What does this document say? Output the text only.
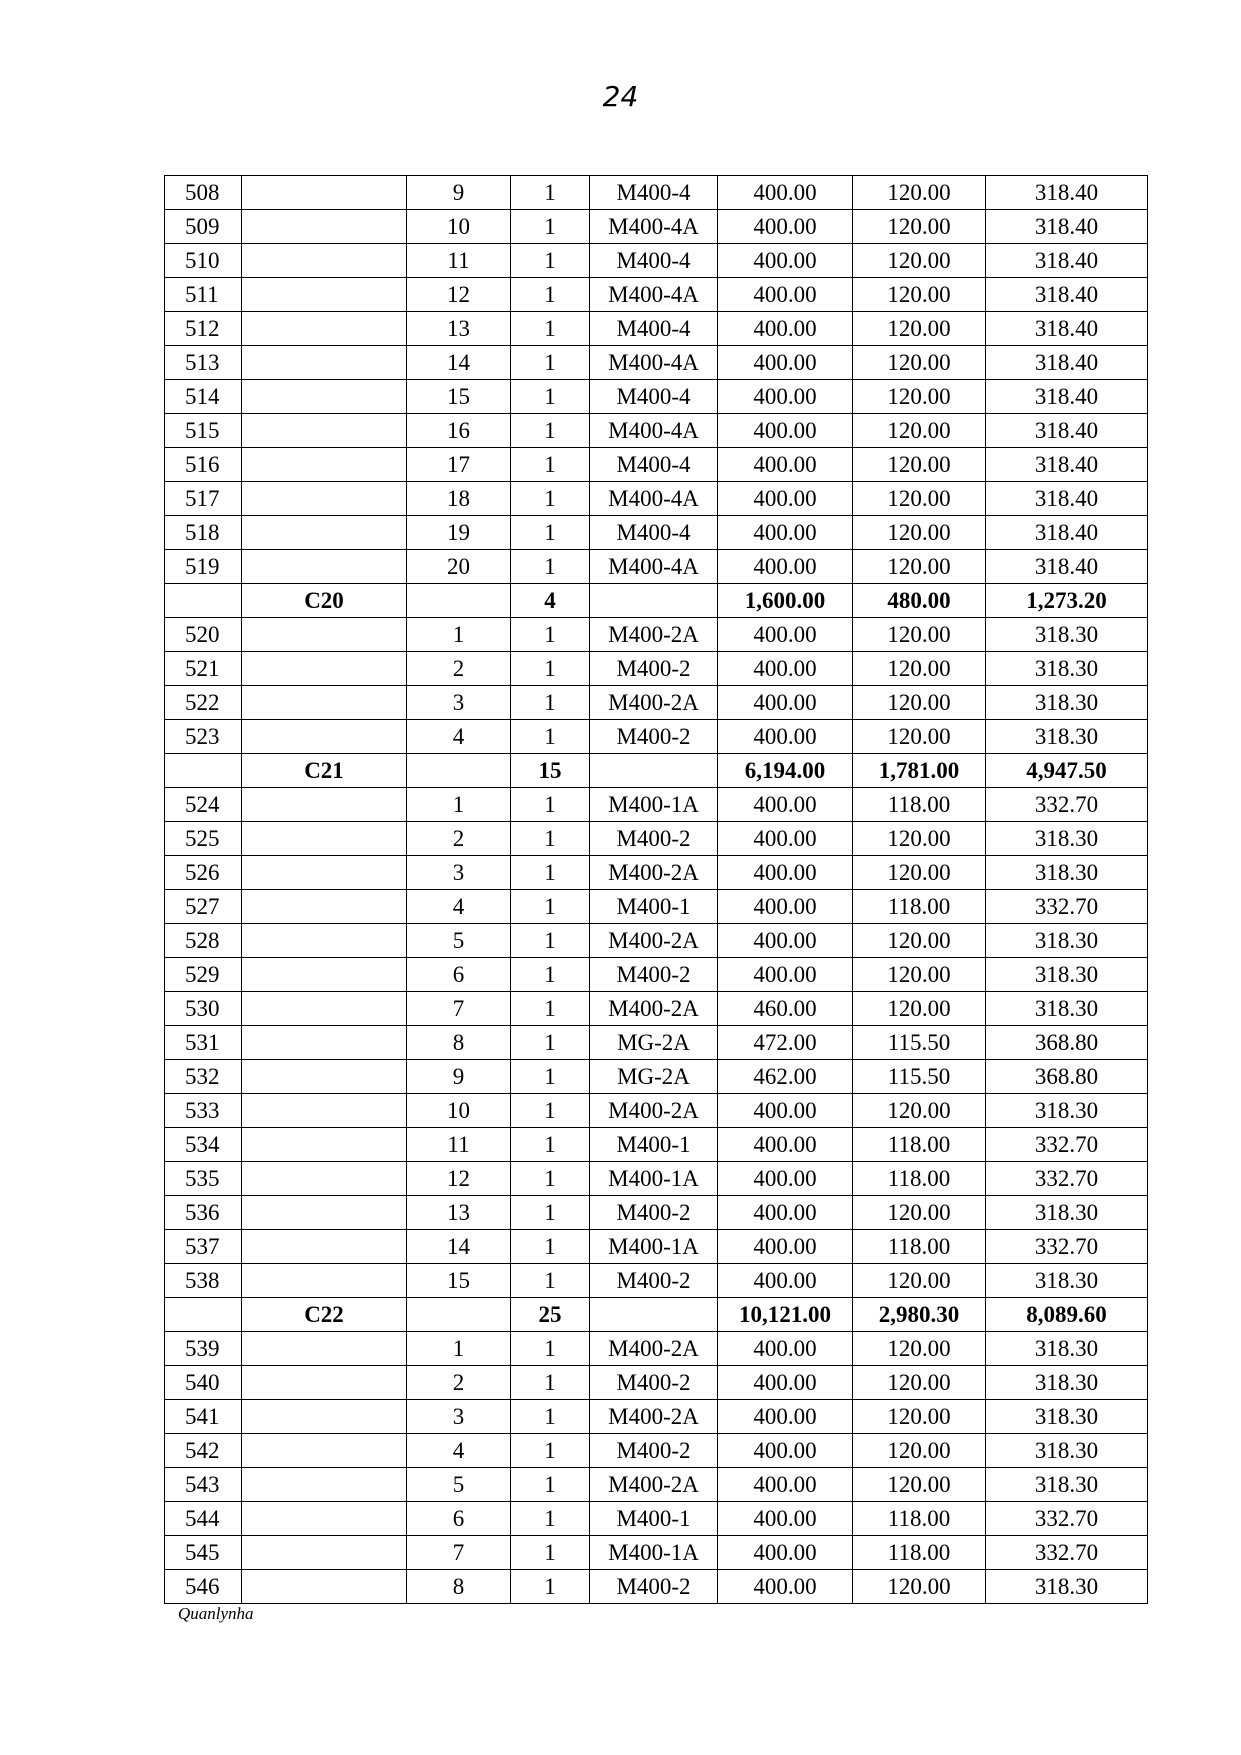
24
508		9	1	M400-4	400.00	120.00	318.40
509		10	1	M400-4A	400.00	120.00	318.40
510		11	1	M400-4	400.00	120.00	318.40
511		12	1	M400-4A	400.00	120.00	318.40
512		13	1	M400-4	400.00	120.00	318.40
513		14	1	M400-4A	400.00	120.00	318.40
514		15	1	M400-4	400.00	120.00	318.40
515		16	1	M400-4A	400.00	120.00	318.40
516		17	1	M400-4	400.00	120.00	318.40
517		18	1	M400-4A	400.00	120.00	318.40
518		19	1	M400-4	400.00	120.00	318.40
519		20	1	M400-4A	400.00	120.00	318.40
	C20		4		1,600.00	480.00	1,273.20
520		1	1	M400-2A	400.00	120.00	318.30
521		2	1	M400-2	400.00	120.00	318.30
522		3	1	M400-2A	400.00	120.00	318.30
523		4	1	M400-2	400.00	120.00	318.30
	C21		15		6,194.00	1,781.00	4,947.50
524		1	1	M400-1A	400.00	118.00	332.70
525		2	1	M400-2	400.00	120.00	318.30
526		3	1	M400-2A	400.00	120.00	318.30
527		4	1	M400-1	400.00	118.00	332.70
528		5	1	M400-2A	400.00	120.00	318.30
529		6	1	M400-2	400.00	120.00	318.30
530		7	1	M400-2A	460.00	120.00	318.30
531		8	1	MG-2A	472.00	115.50	368.80
532		9	1	MG-2A	462.00	115.50	368.80
533		10	1	M400-2A	400.00	120.00	318.30
534		11	1	M400-1	400.00	118.00	332.70
535		12	1	M400-1A	400.00	118.00	332.70
536		13	1	M400-2	400.00	120.00	318.30
537		14	1	M400-1A	400.00	118.00	332.70
538		15	1	M400-2	400.00	120.00	318.30
	C22		25		10,121.00	2,980.30	8,089.60
539		1	1	M400-2A	400.00	120.00	318.30
540		2	1	M400-2	400.00	120.00	318.30
541		3	1	M400-2A	400.00	120.00	318.30
542		4	1	M400-2	400.00	120.00	318.30
543		5	1	M400-2A	400.00	120.00	318.30
544		6	1	M400-1	400.00	118.00	332.70
545		7	1	M400-1A	400.00	118.00	332.70
546		8	1	M400-2	400.00	120.00	318.30
Quanlynha
